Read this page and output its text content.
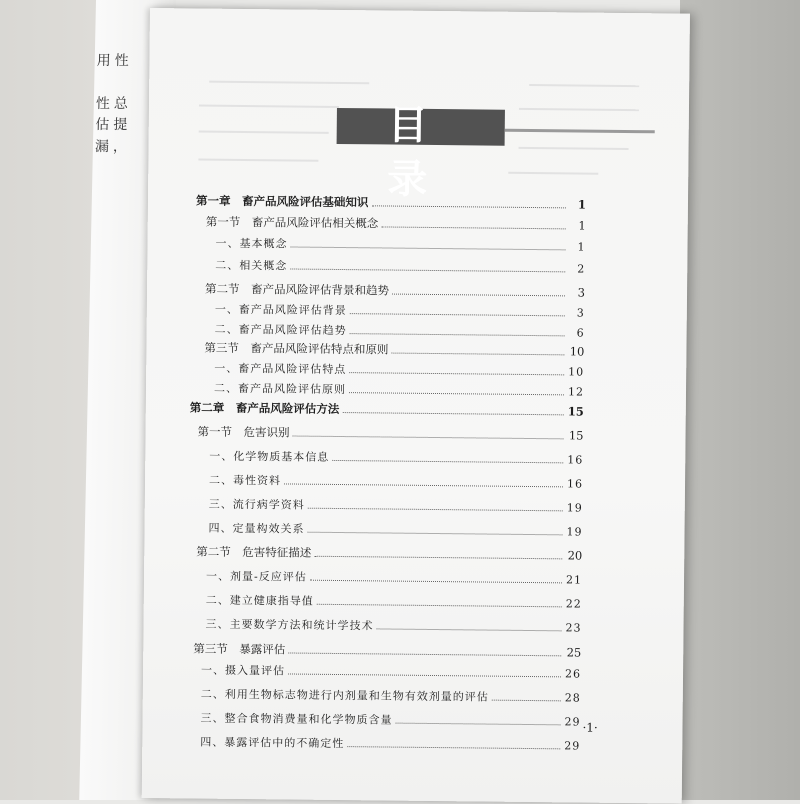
用性
性总
估提
漏，	目 录
第一章　畜产品风险评估基础知识	1
第一节　畜产品风险评估相关概念	1
一、基本概念	1
二、相关概念	2
第二节　畜产品风险评估背景和趋势	3
一、畜产品风险评估背景	3
二、畜产品风险评估趋势	6
第三节　畜产品风险评估特点和原则	10
一、畜产品风险评估特点	10
二、畜产品风险评估原则	12
第二章　畜产品风险评估方法	15
第一节　危害识别	15
一、化学物质基本信息	16
二、毒性资料	16
三、流行病学资料	19
四、定量构效关系	19
第二节　危害特征描述	20
一、剂量-反应评估	21
二、建立健康指导值	22
三、主要数学方法和统计学技术	23
第三节　暴露评估	25
一、摄入量评估	26
二、利用生物标志物进行内剂量和生物有效剂量的评估	28
三、整合食物消费量和化学物质含量	29
四、暴露评估中的不确定性	29
·1·
